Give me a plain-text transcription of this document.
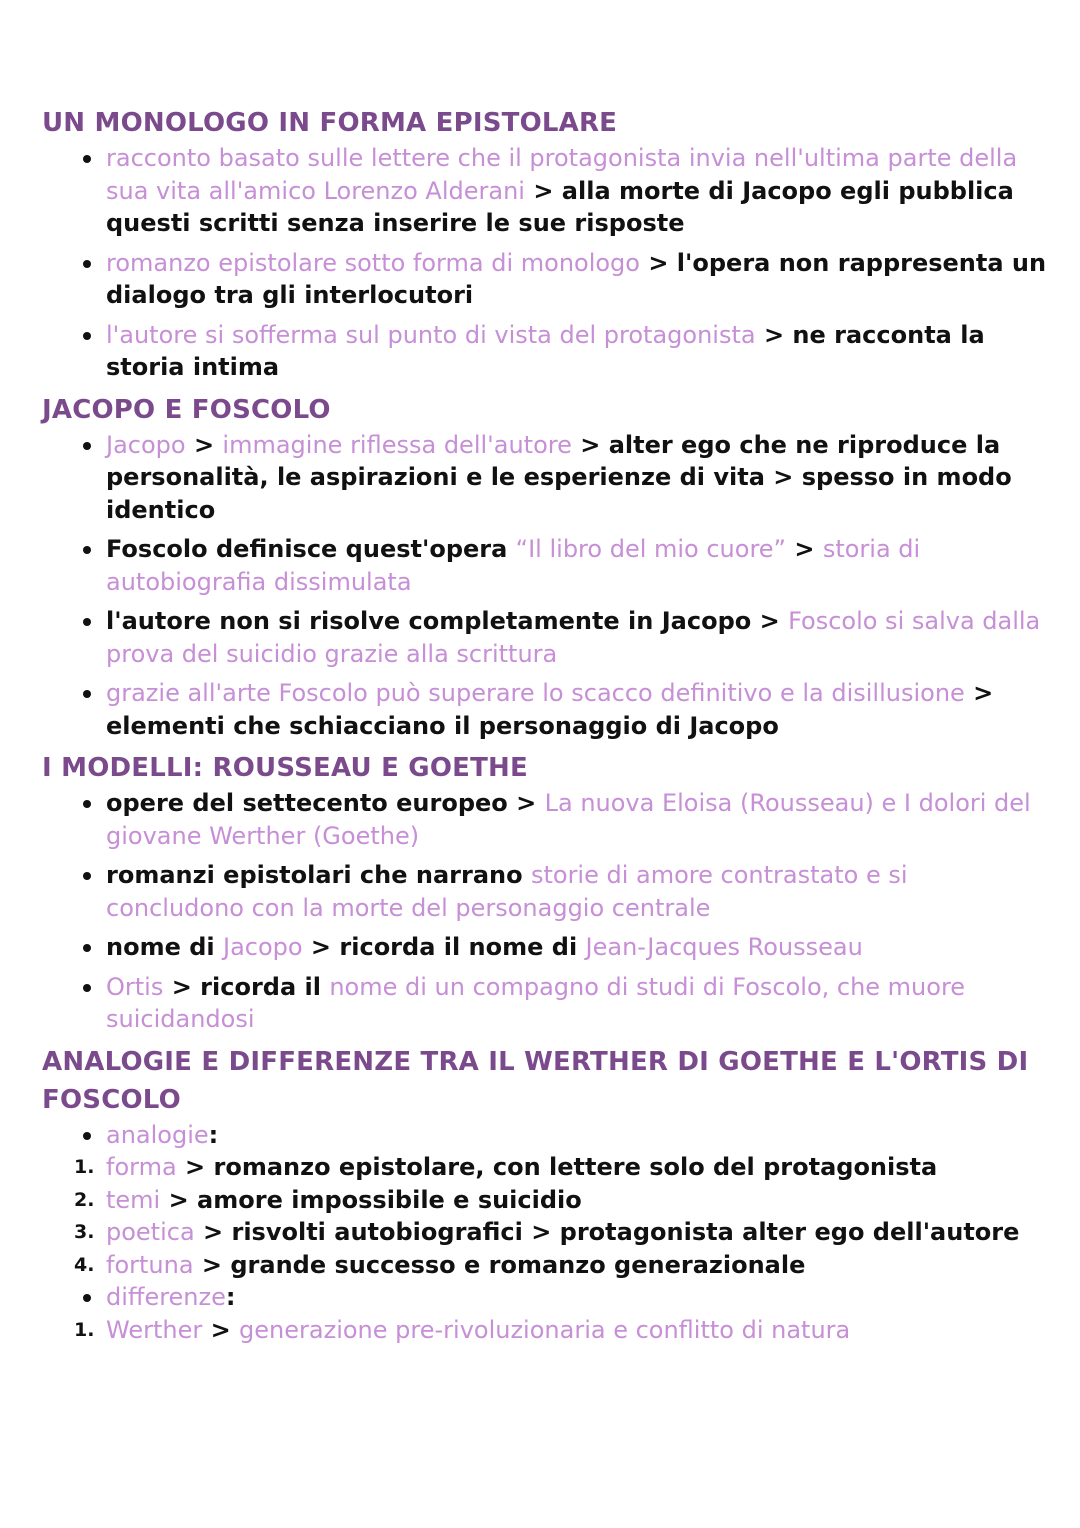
UN MONOLOGO IN FORMA EPISTOLARE
racconto basato sulle lettere che il protagonista invia nell'ultima parte della sua vita all'amico Lorenzo Alderani > alla morte di Jacopo egli pubblica questi scritti senza inserire le sue risposte
romanzo epistolare sotto forma di monologo > l'opera non rappresenta un dialogo tra gli interlocutori
l'autore si sofferma sul punto di vista del protagonista > ne racconta la storia intima
JACOPO E FOSCOLO
Jacopo > immagine riflessa dell'autore > alter ego che ne riproduce la personalità, le aspirazioni e le esperienze di vita > spesso in modo identico
Foscolo definisce quest'opera “Il libro del mio cuore” > storia di autobiografia dissimulata
l'autore non si risolve completamente in Jacopo > Foscolo si salva dalla prova del suicidio grazie alla scrittura
grazie all'arte Foscolo può superare lo scacco definitivo e la disillusione > elementi che schiacciano il personaggio di Jacopo
I MODELLI: ROUSSEAU E GOETHE
opere del settecento europeo > La nuova Eloisa (Rousseau) e I dolori del giovane Werther (Goethe)
romanzi epistolari che narrano storie di amore contrastato e si concludono con la morte del personaggio centrale
nome di Jacopo > ricorda il nome di Jean-Jacques Rousseau
Ortis > ricorda il nome di un compagno di studi di Foscolo, che muore suicidandosi
ANALOGIE E DIFFERENZE TRA IL WERTHER DI GOETHE E L'ORTIS DI FOSCOLO
analogie:
1. forma > romanzo epistolare, con lettere solo del protagonista
2. temi > amore impossibile e suicidio
3. poetica > risvolti autobiografici > protagonista alter ego dell'autore
4. fortuna > grande successo e romanzo generazionale
differenze:
1. Werther > generazione pre-rivoluzionaria e conflitto di natura
